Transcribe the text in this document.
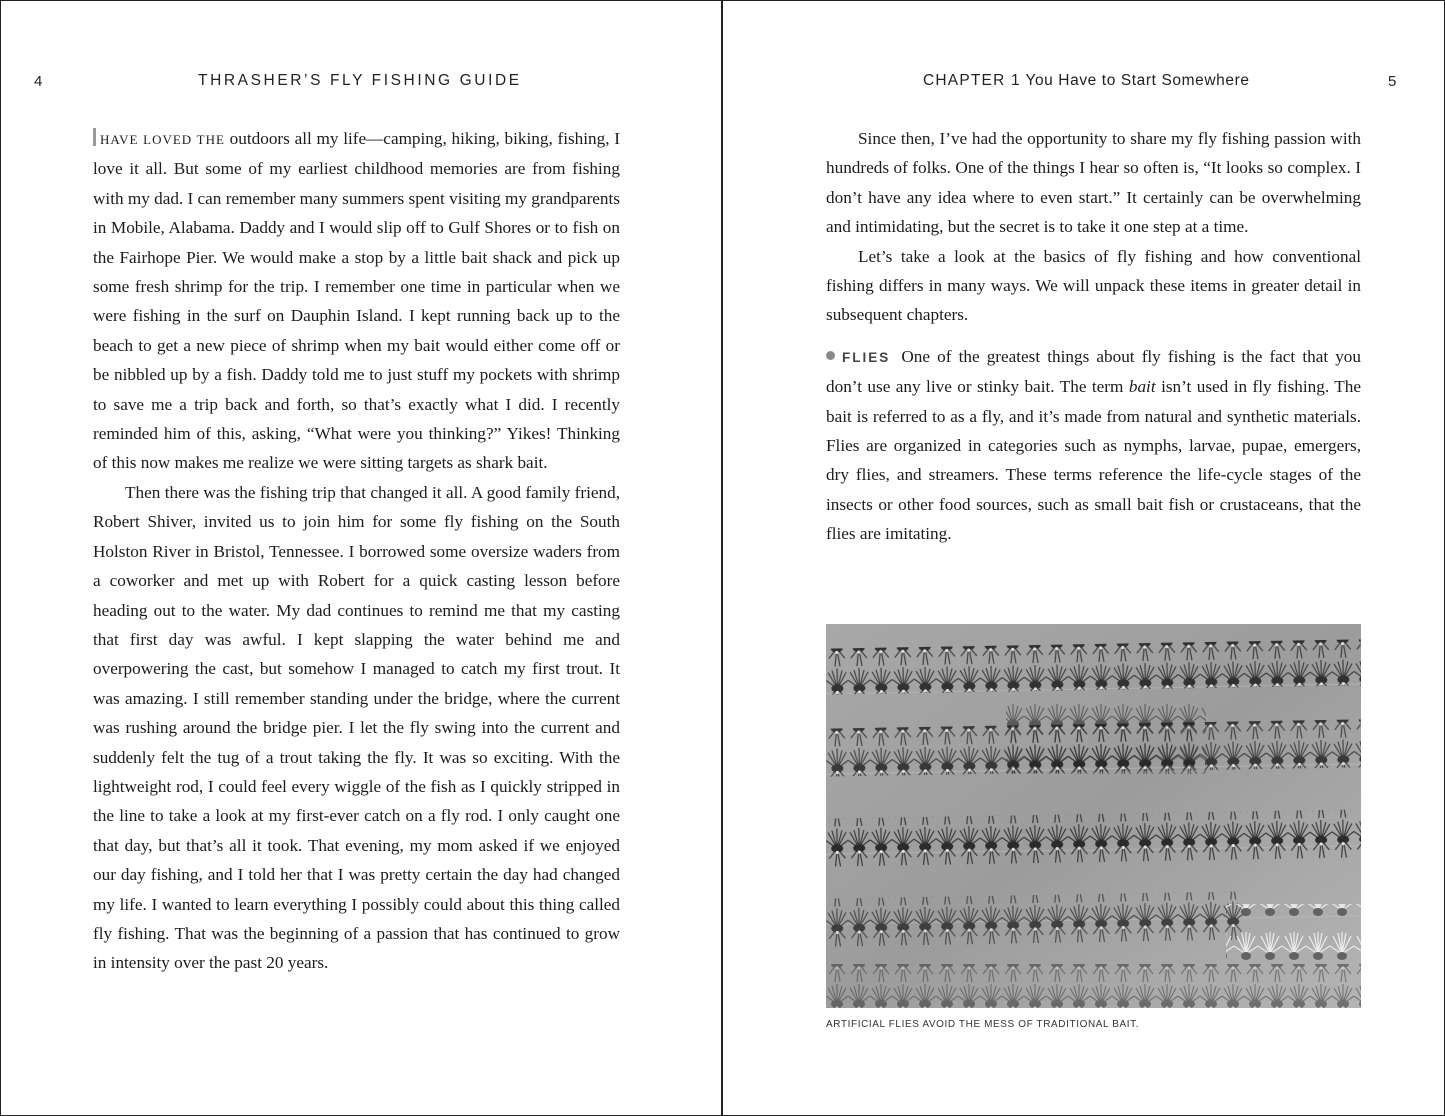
4	THRASHER’S FLY FISHING GUIDE

HAVE LOVED THE outdoors all my life—camping, hiking, biking, fishing, I love it all. But some of my earliest childhood memories are from fishing with my dad. I can remember many summers spent visiting my grandparents in Mobile, Alabama. Daddy and I would slip off to Gulf Shores or to fish on the Fairhope Pier. We would make a stop by a little bait shack and pick up some fresh shrimp for the trip. I remember one time in particular when we were fishing in the surf on Dauphin Island. I kept running back up to the beach to get a new piece of shrimp when my bait would either come off or be nibbled up by a fish. Daddy told me to just stuff my pockets with shrimp to save me a trip back and forth, so that’s exactly what I did. I recently reminded him of this, asking, “What were you thinking?” Yikes! Thinking of this now makes me realize we were sitting targets as shark bait.

Then there was the fishing trip that changed it all. A good family friend, Robert Shiver, invited us to join him for some fly fishing on the South Holston River in Bristol, Tennessee. I borrowed some oversize waders from a coworker and met up with Robert for a quick casting lesson before heading out to the water. My dad continues to remind me that my casting that first day was awful. I kept slapping the water behind me and overpowering the cast, but somehow I managed to catch my first trout. It was amazing. I still remember standing under the bridge, where the current was rushing around the bridge pier. I let the fly swing into the current and suddenly felt the tug of a trout taking the fly. It was so exciting. With the lightweight rod, I could feel every wiggle of the fish as I quickly stripped in the line to take a look at my first-ever catch on a fly rod. I only caught one that day, but that’s all it took. That evening, my mom asked if we enjoyed our day fishing, and I told her that I was pretty certain the day had changed my life. I wanted to learn everything I possibly could about this thing called fly fishing. That was the beginning of a passion that has continued to grow in intensity over the past 20 years.

CHAPTER 1 You Have to Start Somewhere	5

Since then, I’ve had the opportunity to share my fly fishing passion with hundreds of folks. One of the things I hear so often is, “It looks so complex. I don’t have any idea where to even start.” It certainly can be overwhelming and intimidating, but the secret is to take it one step at a time.

Let’s take a look at the basics of fly fishing and how conventional fishing differs in many ways. We will unpack these items in greater detail in subsequent chapters.

FLIES One of the greatest things about fly fishing is the fact that you don’t use any live or stinky bait. The term bait isn’t used in fly fishing. The bait is referred to as a fly, and it’s made from natural and synthetic materials. Flies are organized in categories such as nymphs, larvae, pupae, emergers, dry flies, and streamers. These terms reference the life-cycle stages of the insects or other food sources, such as small bait fish or crustaceans, that the flies are imitating.

ARTIFICIAL FLIES AVOID THE MESS OF TRADITIONAL BAIT.
